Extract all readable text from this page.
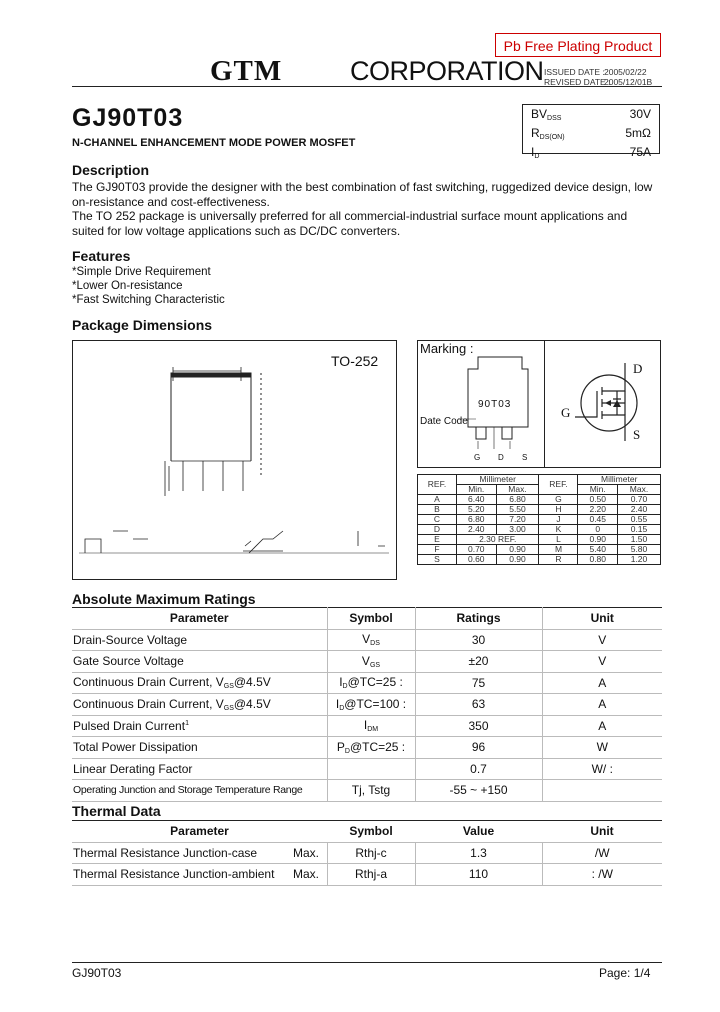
Pb Free Plating Product
GTM	CORPORATION ISSUED DATE :2005/02/22
REVISED DATE :2005/12/01B
GJ90T03
N-CHANNEL ENHANCEMENT MODE POWER MOSFET
$BV_{DSS}$	30V
$R_{DS(ON)}$	5mΩ
$I_D$	75A
Description
The GJ90T03 provide the designer with the best combination of fast switching, ruggedized device design, low on-resistance and cost-effectiveness.
The TO 252 package is universally preferred for all commercial-industrial surface mount applications and suited for low voltage applications such as DC/DC converters.
Features
*Simple Drive Requirement
*Lower On-resistance
*Fast Switching Characteristic
Package Dimensions
TO-252
Marking :
90T03
Date Code
G D S
D
G
S
REF.	Millimeter		REF.	Millimeter	
	Min.	Max.		Min.	Max.
A	6.40	6.80	G	0.50	0.70
B	5.20	5.50	H	2.20	2.40
C	6.80	7.20	J	0.45	0.55
D	2.40	3.00	K	0	0.15
E	2.30 REF.		L	0.90	1.50
F	0.70	0.90	M	5.40	5.80
S	0.60	0.90	R	0.80	1.20
Absolute Maximum Ratings
Parameter	Symbol	Ratings	Unit
Drain-Source Voltage	$V_{DS}$	30	V
Gate Source Voltage	$V_{GS}$	±20	V
Continuous Drain Current, $V_{GS}@4.5V$	$I_D@TC=25$ :	75	A
Continuous Drain Current, $V_{GS}@4.5V$	$I_D@TC=100$ :	63	A
Pulsed Drain Current$^1$	$I_{DM}$	350	A
Total Power Dissipation	$P_D@TC=25$ :	96	W
Linear Derating Factor		0.7	W/ :
Operating Junction and Storage Temperature Range	Tj, Tstg	-55 ~ +150	
Thermal Data
Parameter		Symbol	Value	Unit
Thermal Resistance Junction-case	Max.	Rthj-c	1.3	/W
Thermal Resistance Junction-ambient	Max.	Rthj-a	110	: /W
GJ90T03	Page: 1/4
